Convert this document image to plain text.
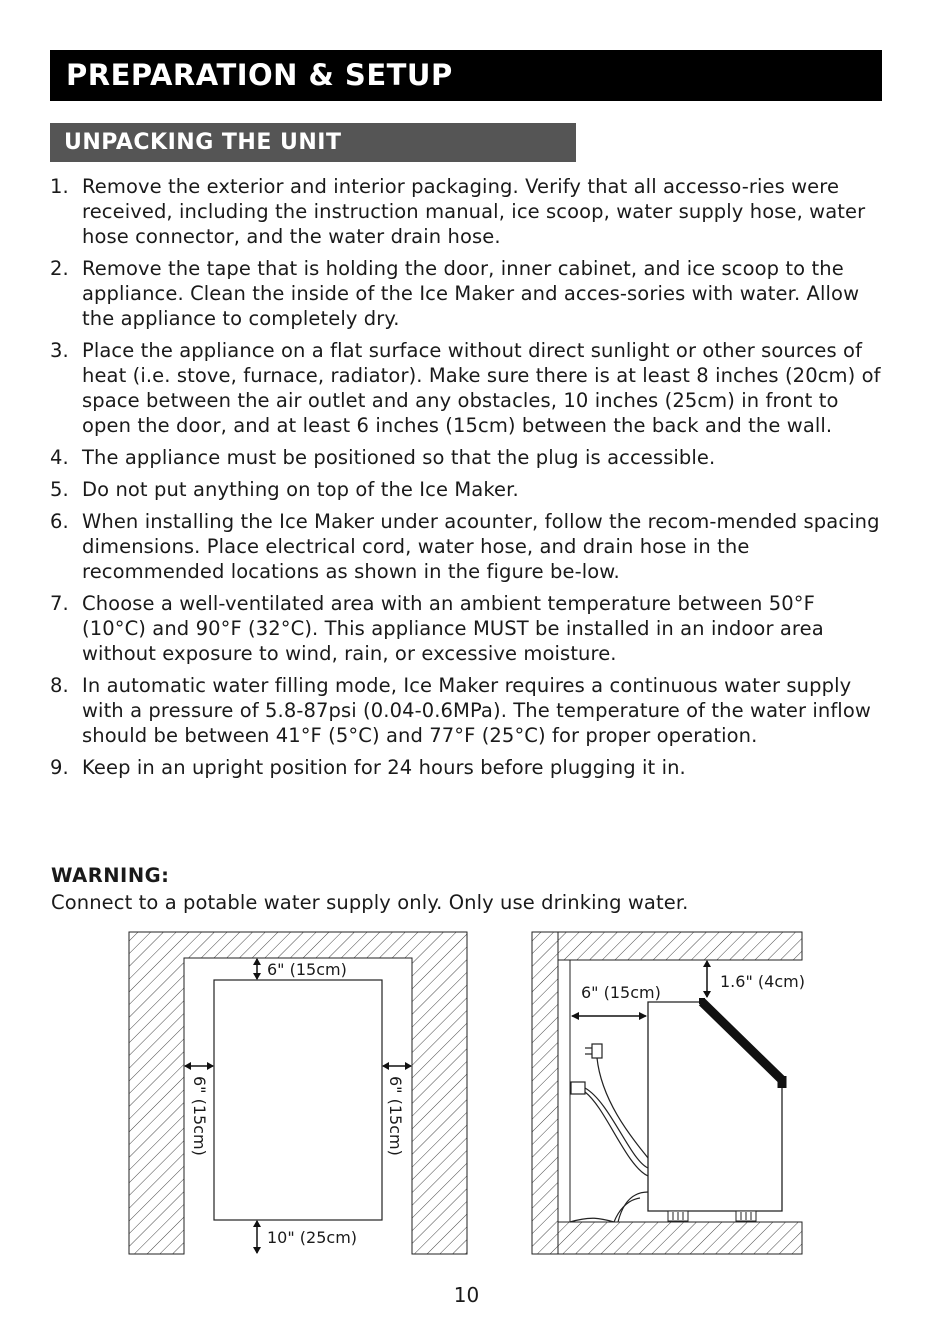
PREPARATION & SETUP
UNPACKING THE UNIT
1. Remove the exterior and interior packaging. Verify that all accesso-ries were received, including the instruction manual, ice scoop, water supply hose, water hose connector, and the water drain hose.
2. Remove the tape that is holding the door, inner cabinet, and ice scoop to the appliance. Clean the inside of the Ice Maker and acces-sories with water. Allow the appliance to completely dry.
3. Place the appliance on a flat surface without direct sunlight or other sources of heat (i.e. stove, furnace, radiator). Make sure there is at least 8 inches (20cm) of space between the air outlet and any obstacles, 10 inches (25cm) in front to open the door, and at least 6 inches (15cm) between the back and the wall.
4. The appliance must be positioned so that the plug is accessible.
5. Do not put anything on top of the Ice Maker.
6. When installing the Ice Maker under acounter, follow the recom-mended spacing dimensions. Place electrical cord, water hose, and drain hose in the recommended locations as shown in the figure be-low.
7. Choose a well-ventilated area with an ambient temperature between 50°F (10°C) and 90°F (32°C). This appliance MUST be installed in an indoor area without exposure to wind, rain, or excessive moisture.
8. In automatic water filling mode, Ice Maker requires a continuous water supply with a pressure of 5.8-87psi (0.04-0.6MPa). The temperature of the water inflow should be between 41°F (5°C) and 77°F (25°C) for proper operation.
9. Keep in an upright position for 24 hours before plugging it in.
WARNING:
Connect to a potable water supply only. Only use drinking water.
6" (15cm)
10" (25cm)
6" (15cm)	6" (15cm)
6" (15cm)
1.6" (4cm)
10
